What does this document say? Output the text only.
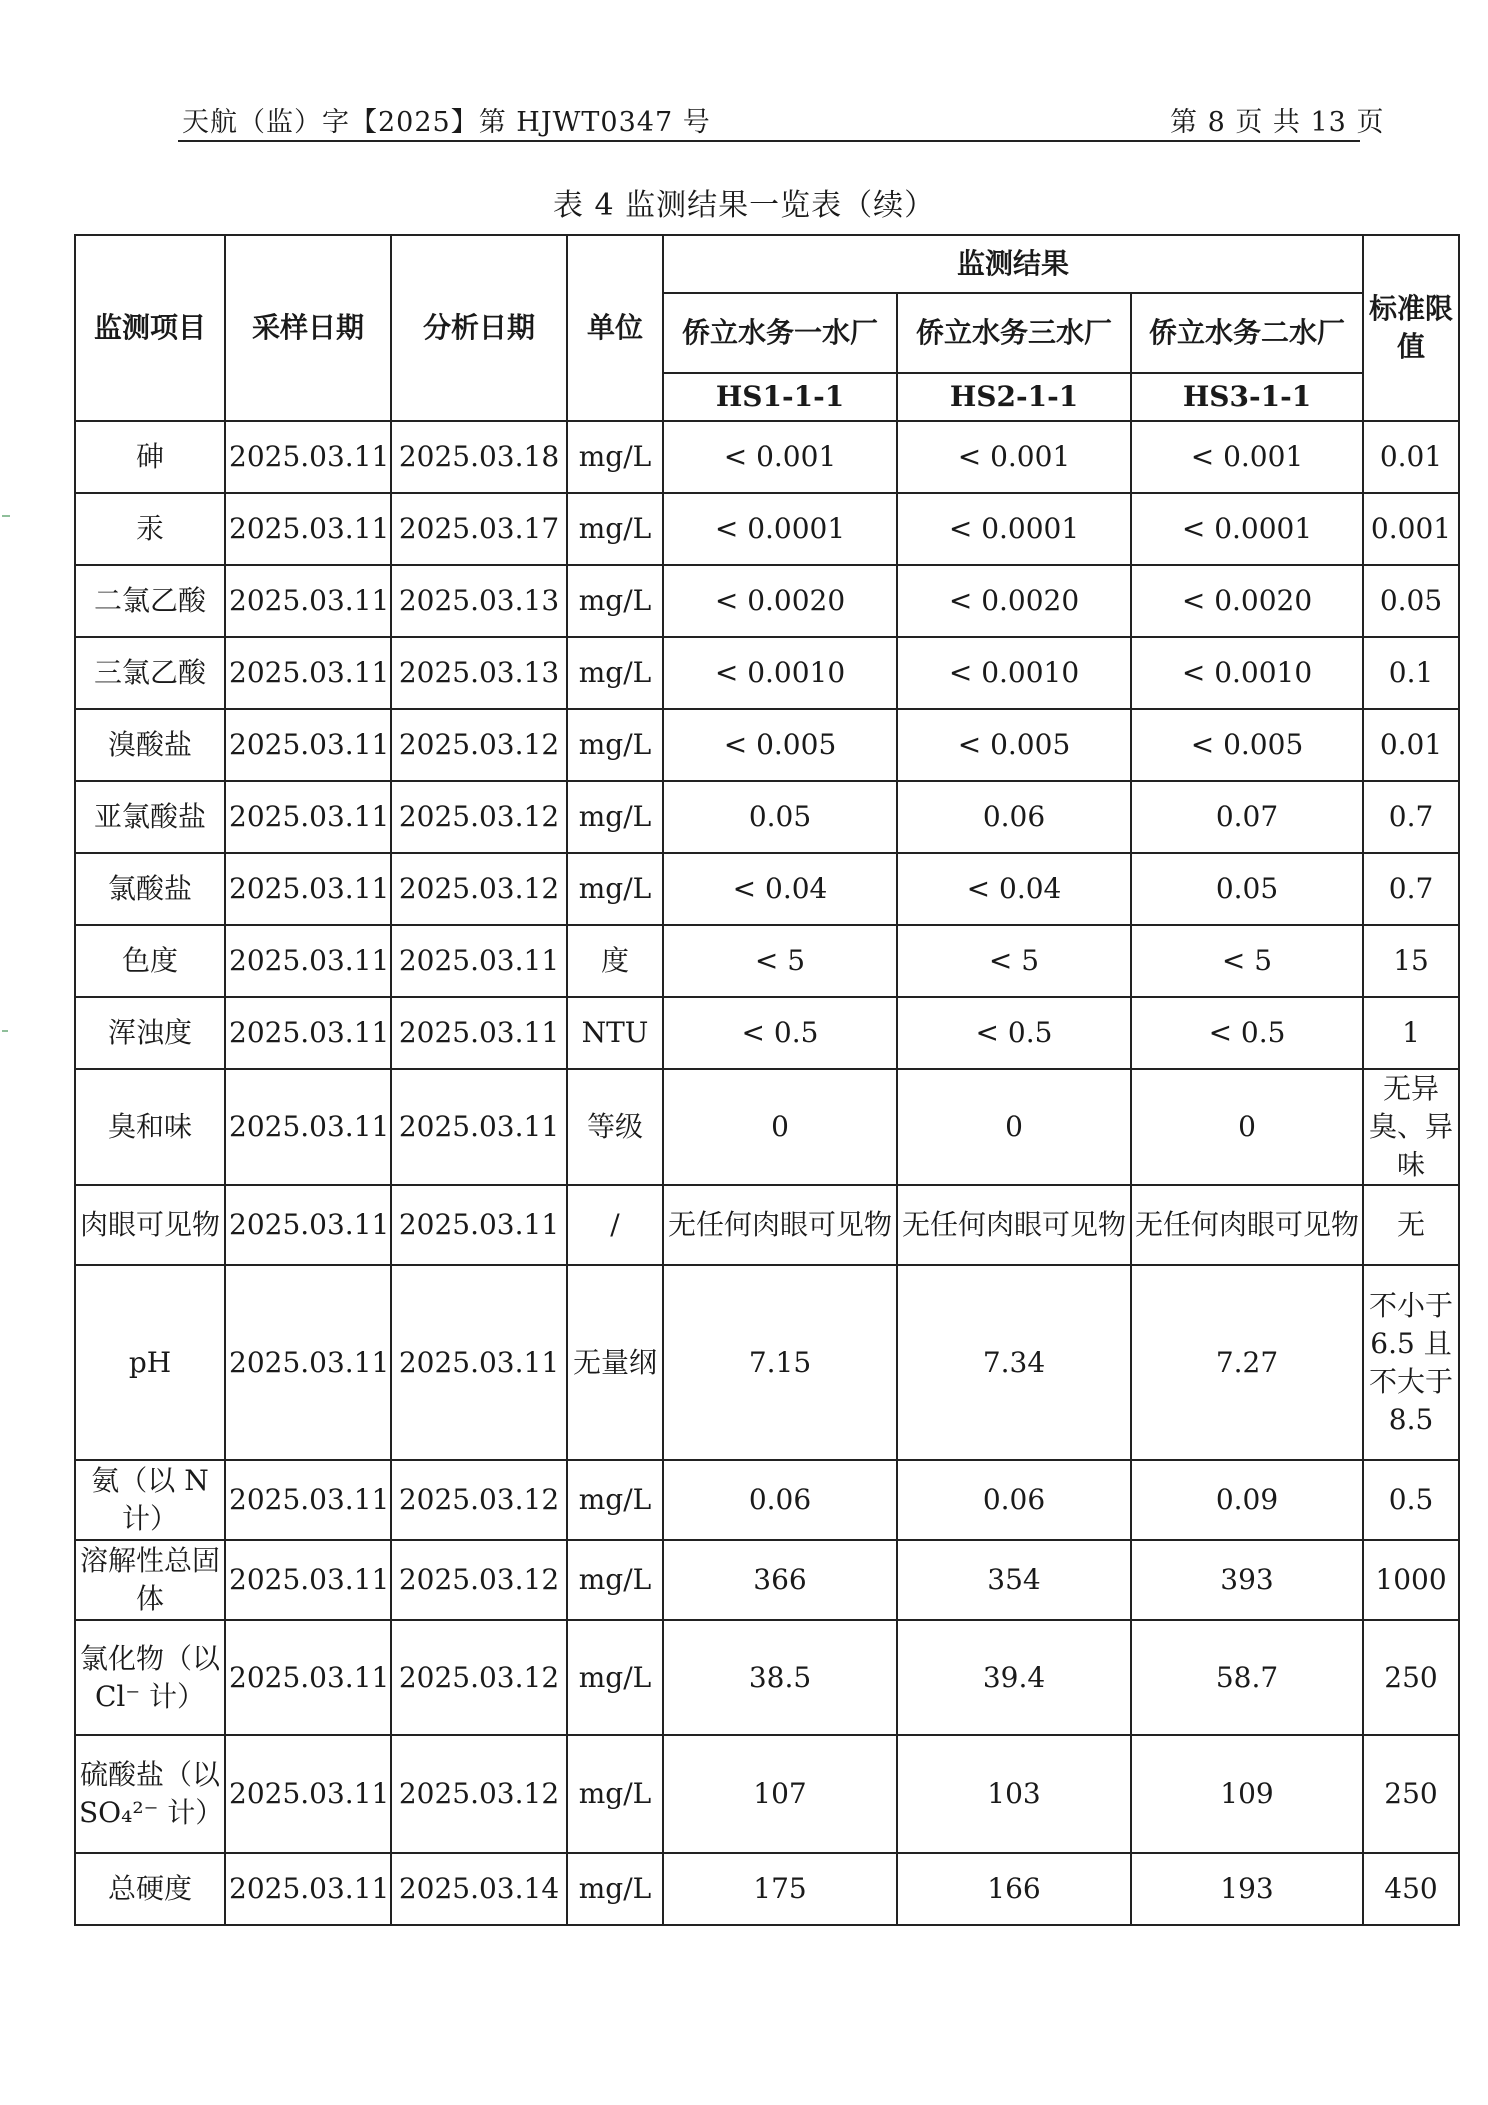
天航（监）字【2025】第 HJWT0347 号	第 8 页 共 13 页
表 4 监测结果一览表（续）
监测项目	采样日期	分析日期	单位	监测结果			标准限值
				侨立水务一水厂	侨立水务三水厂	侨立水务二水厂	
				HS1-1-1	HS2-1-1	HS3-1-1	
砷	2025.03.11	2025.03.18	mg/L	< 0.001	< 0.001	< 0.001	0.01
汞	2025.03.11	2025.03.17	mg/L	< 0.0001	< 0.0001	< 0.0001	0.001
二氯乙酸	2025.03.11	2025.03.13	mg/L	< 0.0020	< 0.0020	< 0.0020	0.05
三氯乙酸	2025.03.11	2025.03.13	mg/L	< 0.0010	< 0.0010	< 0.0010	0.1
溴酸盐	2025.03.11	2025.03.12	mg/L	< 0.005	< 0.005	< 0.005	0.01
亚氯酸盐	2025.03.11	2025.03.12	mg/L	0.05	0.06	0.07	0.7
氯酸盐	2025.03.11	2025.03.12	mg/L	< 0.04	< 0.04	0.05	0.7
色度	2025.03.11	2025.03.11	度	< 5	< 5	< 5	15
浑浊度	2025.03.11	2025.03.11	NTU	< 0.5	< 0.5	< 0.5	1
臭和味	2025.03.11	2025.03.11	等级	0	0	0	无异臭、异味
肉眼可见物	2025.03.11	2025.03.11	/	无任何肉眼可见物	无任何肉眼可见物	无任何肉眼可见物	无
pH	2025.03.11	2025.03.11	无量纲	7.15	7.34	7.27	不小于 6.5 且不大于 8.5
氨（以 N 计）	2025.03.11	2025.03.12	mg/L	0.06	0.06	0.09	0.5
溶解性总固体	2025.03.11	2025.03.12	mg/L	366	354	393	1000
氯化物（以 Cl⁻ 计）	2025.03.11	2025.03.12	mg/L	38.5	39.4	58.7	250
硫酸盐（以 SO₄²⁻ 计）	2025.03.11	2025.03.12	mg/L	107	103	109	250
总硬度	2025.03.11	2025.03.14	mg/L	175	166	193	450
